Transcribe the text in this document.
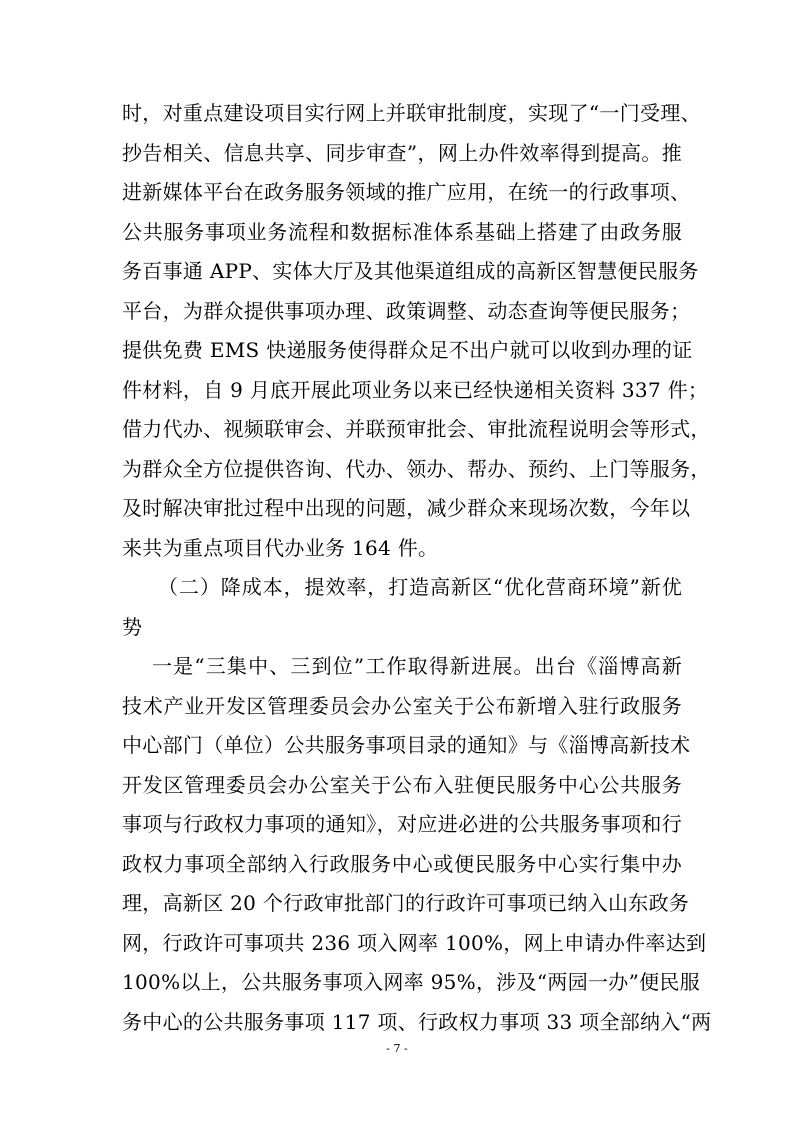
时，对重点建设项目实行网上并联审批制度，实现了“一门受理、
抄告相关、信息共享、同步审查”，网上办件效率得到提高。推
进新媒体平台在政务服务领域的推广应用，在统一的行政事项、
公共服务事项业务流程和数据标准体系基础上搭建了由政务服
务百事通 APP、实体大厅及其他渠道组成的高新区智慧便民服务
平台，为群众提供事项办理、政策调整、动态查询等便民服务；
提供免费 EMS 快递服务使得群众足不出户就可以收到办理的证
件材料，自 9 月底开展此项业务以来已经快递相关资料 337 件；
借力代办、视频联审会、并联预审批会、审批流程说明会等形式，
为群众全方位提供咨询、代办、领办、帮办、预约、上门等服务，
及时解决审批过程中出现的问题，减少群众来现场次数，今年以
来共为重点项目代办业务 164 件。
（二）降成本，提效率，打造高新区“优化营商环境”新优
势
一是“三集中、三到位”工作取得新进展。出台《淄博高新
技术产业开发区管理委员会办公室关于公布新增入驻行政服务
中心部门（单位）公共服务事项目录的通知》与《淄博高新技术
开发区管理委员会办公室关于公布入驻便民服务中心公共服务
事项与行政权力事项的通知》，对应进必进的公共服务事项和行
政权力事项全部纳入行政服务中心或便民服务中心实行集中办
理，高新区 20 个行政审批部门的行政许可事项已纳入山东政务
网，行政许可事项共 236 项入网率 100%，网上申请办件率达到
100%以上，公共服务事项入网率 95%，涉及“两园一办”便民服
务中心的公共服务事项 117 项、行政权力事项 33 项全部纳入“两
- 7 -
